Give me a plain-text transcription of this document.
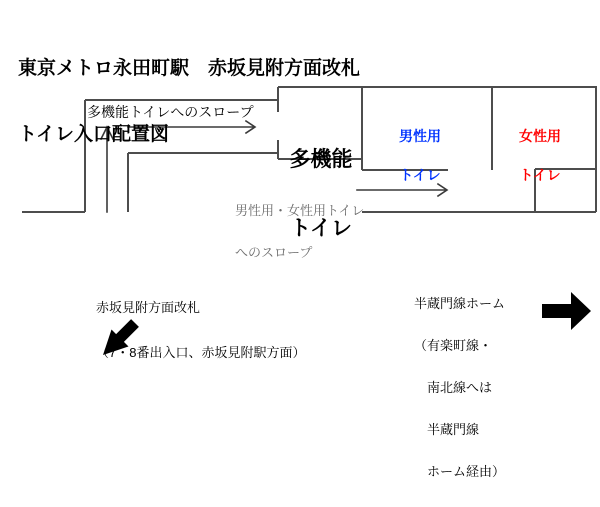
東京メトロ永田町駅　赤坂見附方面改札

トイレ入口配置図

多機能トイレへのスロープ

多機能

トイレ

男性用

トイレ

女性用

トイレ

男性用・女性用トイレ

へのスロープ

赤坂見附方面改札

（7・8番出入口、赤坂見附駅方面）

半蔵門線ホーム

（有楽町線・

　南北線へは

　半蔵門線

　ホーム経由）
